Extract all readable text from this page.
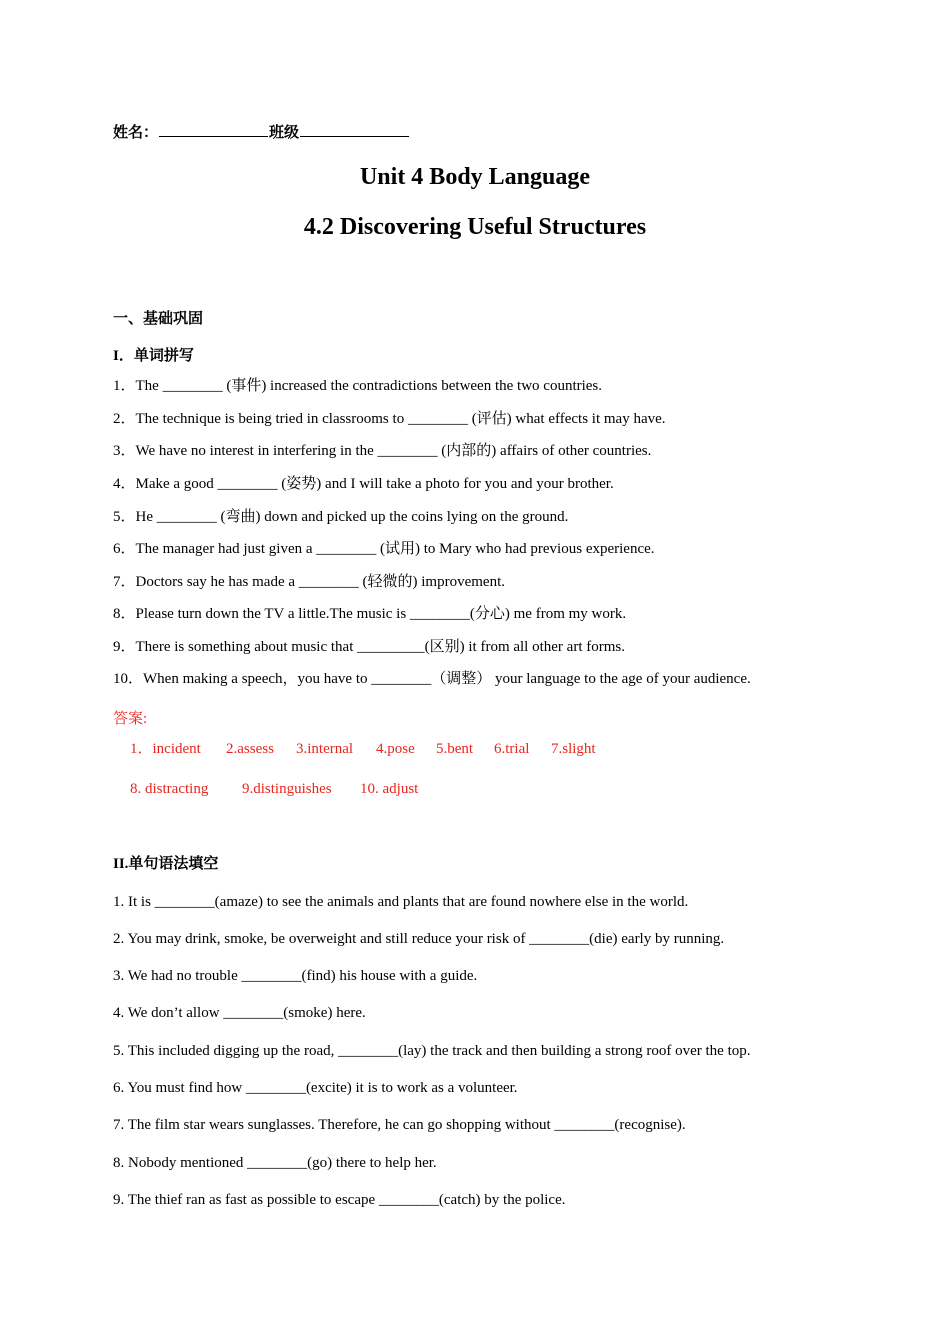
姓名：	班级
Unit 4 Body Language
4.2 Discovering Useful Structures
一、基础巩固
I．单词拼写
1．The ________ (事件) increased the contradictions between the two countries.
2．The technique is being tried in classrooms to ________ (评估) what effects it may have.
3．We have no interest in interfering in the ________ (内部的) affairs of other countries.
4．Make a good ________ (姿势) and I will take a photo for you and your brother.
5．He ________ (弯曲) down and picked up the coins lying on the ground.
6．The manager had just given a ________ (试用) to Mary who had previous experience.
7．Doctors say he has made a ________ (轻微的) improvement.
8．Please turn down the TV a little.The music is ________(分心) me from my work.
9．There is something about music that _________(区别) it from all other art forms.
10．When making a speech，you have to ________（调整） your language to the age of your audience.
答案:
1．incident 2.assess 3.internal 4.pose 5.bent 6.trial 7.slight
8. distracting 9.distinguishes 10. adjust
II.单句语法填空
1. It is ________(amaze) to see the animals and plants that are found nowhere else in the world.
2. You may drink, smoke, be overweight and still reduce your risk of ________(die) early by running.
3. We had no trouble ________(find) his house with a guide.
4. We don’t allow ________(smoke) here.
5. This included digging up the road, ________(lay) the track and then building a strong roof over the top.
6. You must find how ________(excite) it is to work as a volunteer.
7. The film star wears sunglasses. Therefore, he can go shopping without ________(recognise).
8. Nobody mentioned ________(go) there to help her.
9. The thief ran as fast as possible to escape ________(catch) by the police.
